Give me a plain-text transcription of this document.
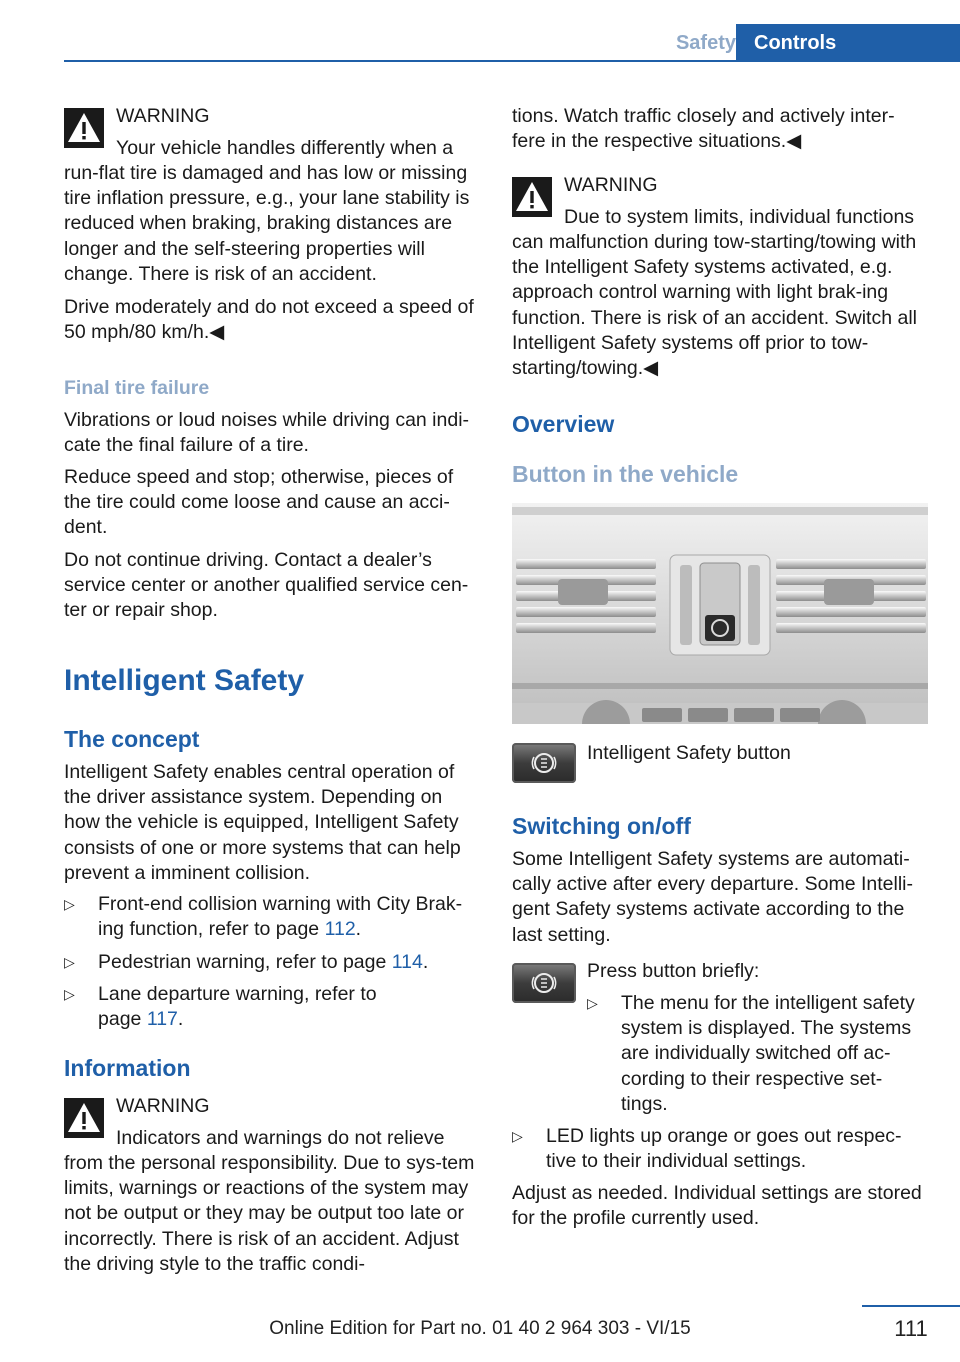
Safety Controls

WARNING

Your vehicle handles differently when a

run-flat tire is damaged and has low or missing tire inflation pressure, e.g., your lane stability is reduced when braking, braking distances are longer and the self-steering properties will change. There is risk of an accident.

Drive moderately and do not exceed a speed of 50 mph/80 km/h.◀

Final tire failure

Vibrations or loud noises while driving can indi-cate the final failure of a tire.

Reduce speed and stop; otherwise, pieces of the tire could come loose and cause an acci-dent.

Do not continue driving. Contact a dealer’s service center or another qualified service cen-ter or repair shop.

Intelligent Safety

The concept

Intelligent Safety enables central operation of the driver assistance system. Depending on how the vehicle is equipped, Intelligent Safety consists of one or more systems that can help prevent a imminent collision.

▷ Front-end collision warning with City Brak-ing function, refer to page 112.
▷ Pedestrian warning, refer to page 114.
▷ Lane departure warning, refer to page 117.

Information

WARNING

Indicators and warnings do not relieve

from the personal responsibility. Due to sys-tem limits, warnings or reactions of the system may not be output or they may be output too late or incorrectly. There is risk of an accident. Adjust the driving style to the traffic condi-

tions. Watch traffic closely and actively inter-fere in the respective situations.◀

WARNING

Due to system limits, individual functions

can malfunction during tow-starting/towing with the Intelligent Safety systems activated, e.g. approach control warning with light brak-ing function. There is risk of an accident. Switch all Intelligent Safety systems off prior to tow-starting/towing.◀

Overview

Button in the vehicle

Intelligent Safety button

Switching on/off

Some Intelligent Safety systems are automati-cally active after every departure. Some Intelli-gent Safety systems activate according to the last setting.

Press button briefly:

▷ The menu for the intelligent safety system is displayed. The systems are individually switched off ac-cording to their respective set-tings.
▷ LED lights up orange or goes out respec-tive to their individual settings.

Adjust as needed. Individual settings are stored for the profile currently used.

111
Online Edition for Part no. 01 40 2 964 303 - VI/15
